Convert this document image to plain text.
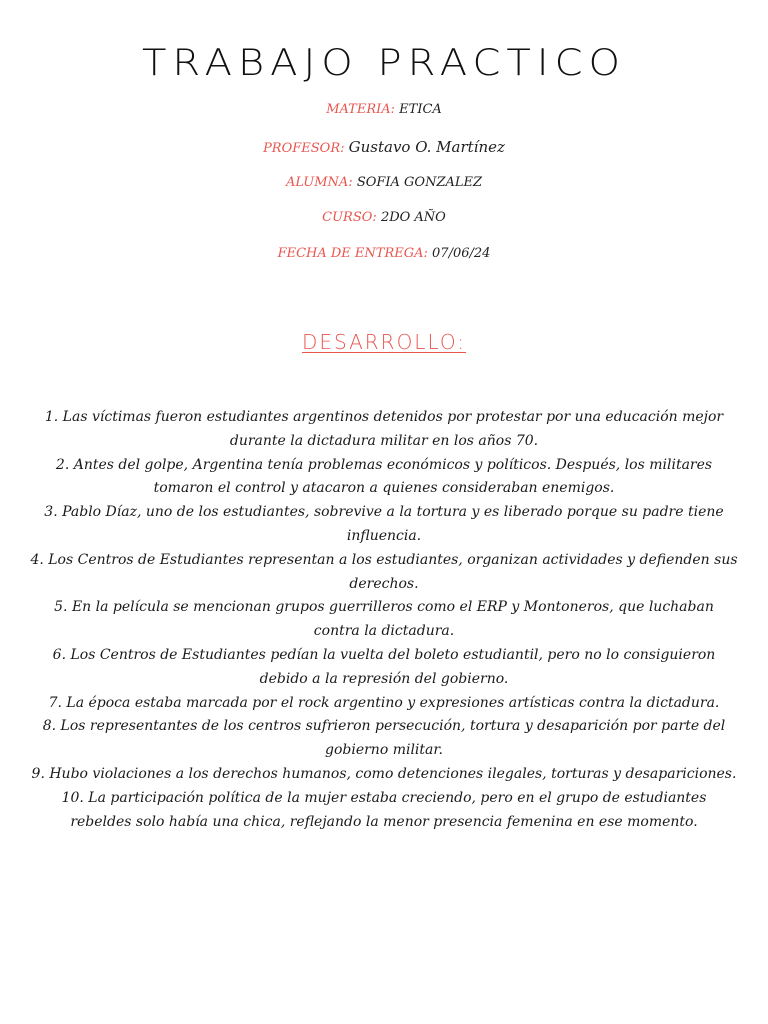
TRABAJO PRACTICO

MATERIA: ETICA

PROFESOR: Gustavo O. Martínez

ALUMNA: SOFIA GONZALEZ

CURSO: 2DO AÑO

FECHA DE ENTREGA: 07/06/24

DESARROLLO:
1. Las víctimas fueron estudiantes argentinos detenidos por protestar por una educación mejor durante la dictadura militar en los años 70.
2. Antes del golpe, Argentina tenía problemas económicos y políticos. Después, los militares tomaron el control y atacaron a quienes consideraban enemigos.
3. Pablo Díaz, uno de los estudiantes, sobrevive a la tortura y es liberado porque su padre tiene influencia.
4. Los Centros de Estudiantes representan a los estudiantes, organizan actividades y defienden sus derechos.
5. En la película se mencionan grupos guerrilleros como el ERP y Montoneros, que luchaban contra la dictadura.
6. Los Centros de Estudiantes pedían la vuelta del boleto estudiantil, pero no lo consiguieron debido a la represión del gobierno.
7. La época estaba marcada por el rock argentino y expresiones artísticas contra la dictadura.
8. Los representantes de los centros sufrieron persecución, tortura y desaparición por parte del gobierno militar.
9. Hubo violaciones a los derechos humanos, como detenciones ilegales, torturas y desapariciones.
10. La participación política de la mujer estaba creciendo, pero en el grupo de estudiantes rebeldes solo había una chica, reflejando la menor presencia femenina en ese momento.
